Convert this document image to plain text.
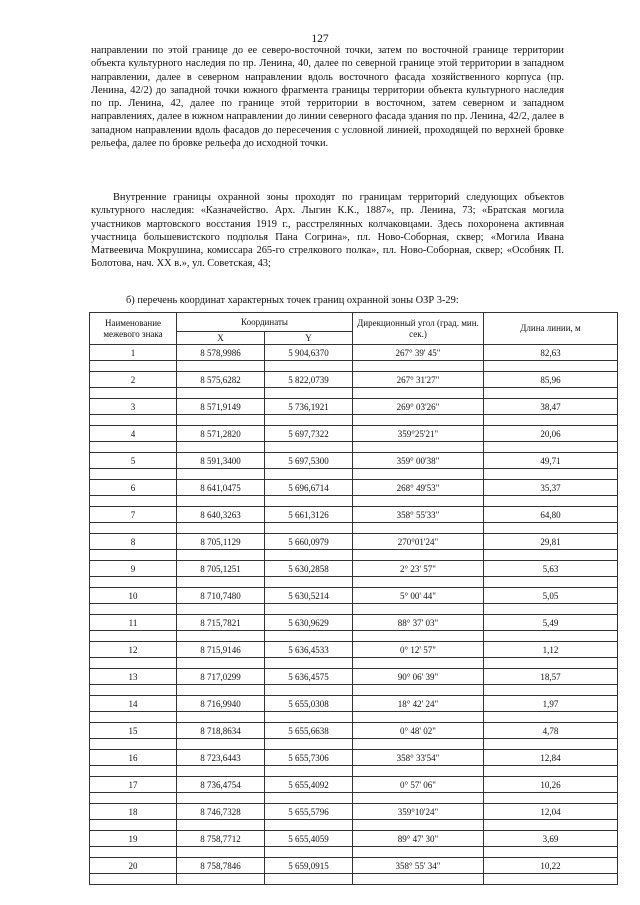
127

направлении по этой границе до ее северо-восточной точки, затем по восточной границе территории объекта культурного наследия по пр. Ленина, 40, далее по северной границе этой территории в западном направлении, далее в северном направлении вдоль восточного фасада хозяйственного корпуса (пр. Ленина, 42/2) до западной точки южного фрагмента границы территории объекта культурного наследия по пр. Ленина, 42, далее по границе этой территории в восточном, затем северном и западном направлениях, далее в южном направлении до линии северного фасада здания по пр. Ленина, 42/2, далее в западном направлении вдоль фасадов до пересечения с условной линией, проходящей по верхней бровке рельефа, далее по бровке рельефа до исходной точки.

Внутренние границы охранной зоны проходят по границам территорий следующих объектов культурного наследия: «Казначейство. Арх. Лыгин К.К., 1887», пр. Ленина, 73; «Братская могила участников мартовского восстания 1919 г., расстрелянных колчаковцами. Здесь похоронена активная участница большевистского подполья Пана Согрина», пл. Ново-Соборная, сквер; «Могила Ивана Матвеевича Мокрушина, комиссара 265-го стрелкового полка», пл. Ново-Соборная, сквер; «Особняк П. Болотова, нач. XX в.», ул. Советская, 43;

б) перечень координат характерных точек границ охранной зоны ОЗР 3-29:

Наименование межевого знака	Координаты		Дирекционный угол (град. мин. сек.)	Длина линии, м
	X	Y		
1	8 578,9986	5 904,6370	267° 39' 45"	82,63

2	8 575,6282	5 822,0739	267° 31'27"	85,96

3	8 571,9149	5 736,1921	269° 03'26"	38,47

4	8 571,2820	5 697,7322	359°25'21"	20,06

5	8 591,3400	5 697,5300	359° 00'38"	49,71

6	8 641,0475	5 696,6714	268° 49'53"	35,37

7	8 640,3263	5 661,3126	358° 55'33"	64,80

8	8 705,1129	5 660,0979	270°01'24"	29,81

9	8 705,1251	5 630,2858	2° 23' 57"	5,63

10	8 710,7480	5 630,5214	5° 00' 44"	5,05

11	8 715,7821	5 630,9629	88° 37' 03"	5,49

12	8 715,9146	5 636,4533	0° 12' 57"	1,12

13	8 717,0299	5 636,4575	90° 06' 39"	18,57

14	8 716,9940	5 655,0308	18° 42' 24"	1,97

15	8 718,8634	5 655,6638	0° 48' 02"	4,78

16	8 723,6443	5 655,7306	358° 33'54"	12,84

17	8 736,4754	5 655,4092	0° 57' 06"	10,26

18	8 746,7328	5 655,5796	359°10'24"	12,04

19	8 758,7712	5 655,4059	89° 47' 30"	3,69

20	8 758,7846	5 659,0915	358° 55' 34"	10,22
